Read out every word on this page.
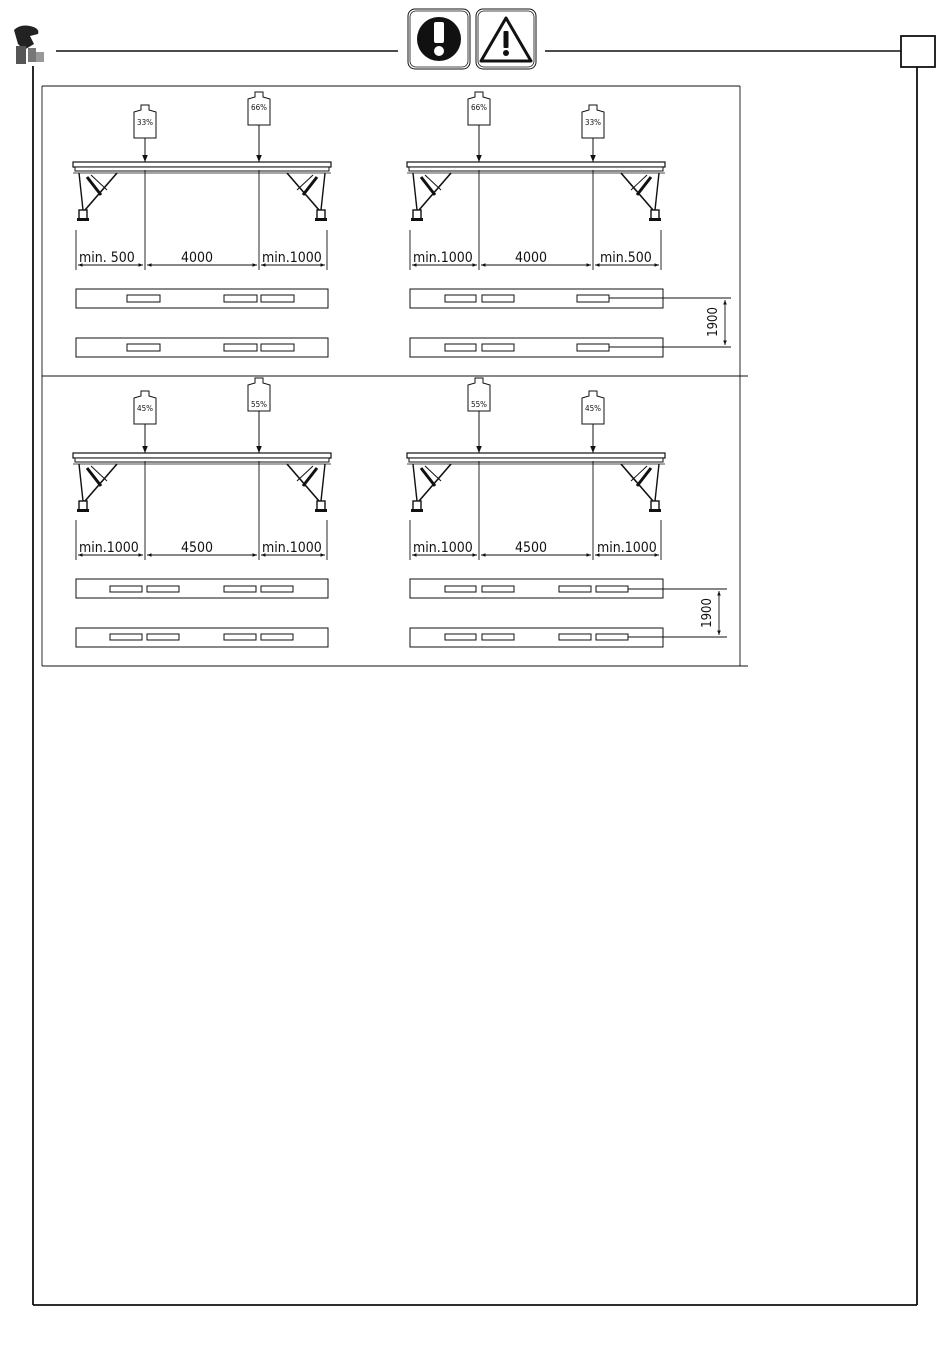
33%
66%
min. 500	4000	min.1000
66%
33%
min.1000	4000	min.500
1900
45%	55%
min.1000	4500	min.1000
55%	45%
min.1000	4500	min.1000
1900
